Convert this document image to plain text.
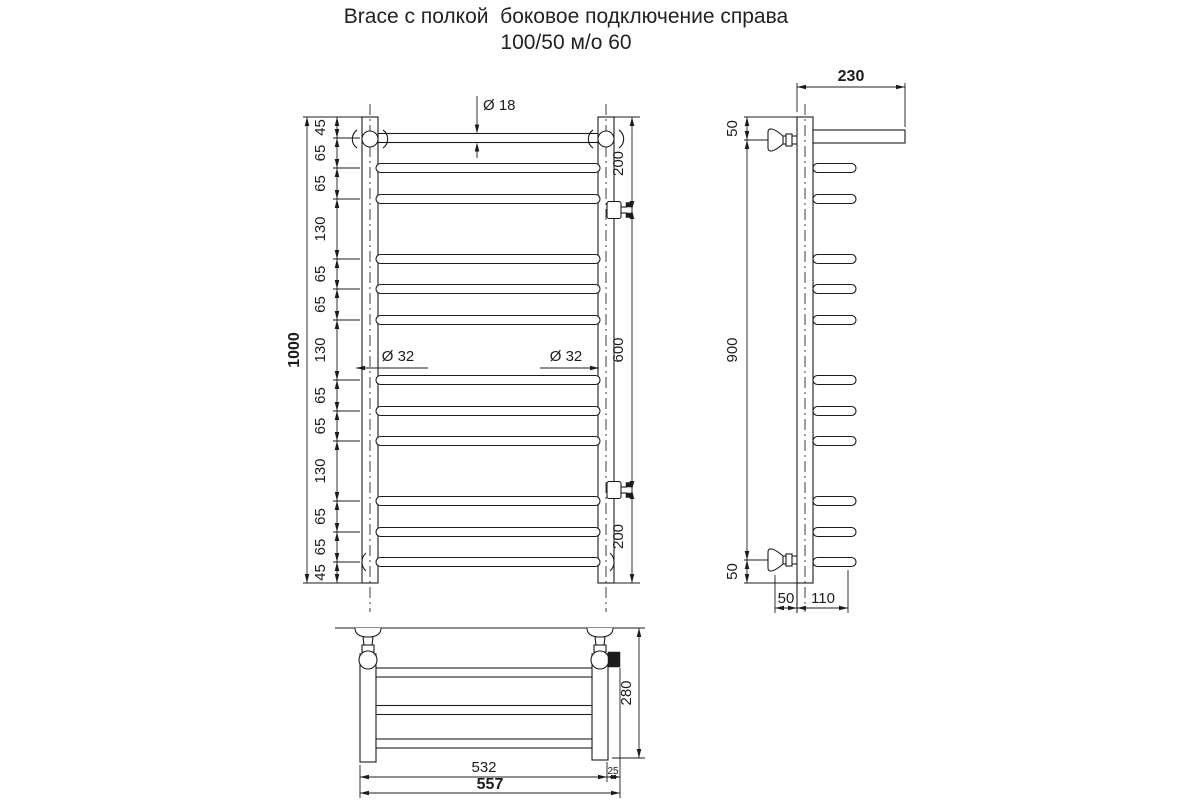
Brace с полкой  боковое подключение справа
100/50 м/о 60
1000
45
65
65
130
65
65
130
65
65
130
65
65
45
200
600
200
Ø 18
Ø 32	Ø 32
230
50
900
50
50 110
280
532	25
557
